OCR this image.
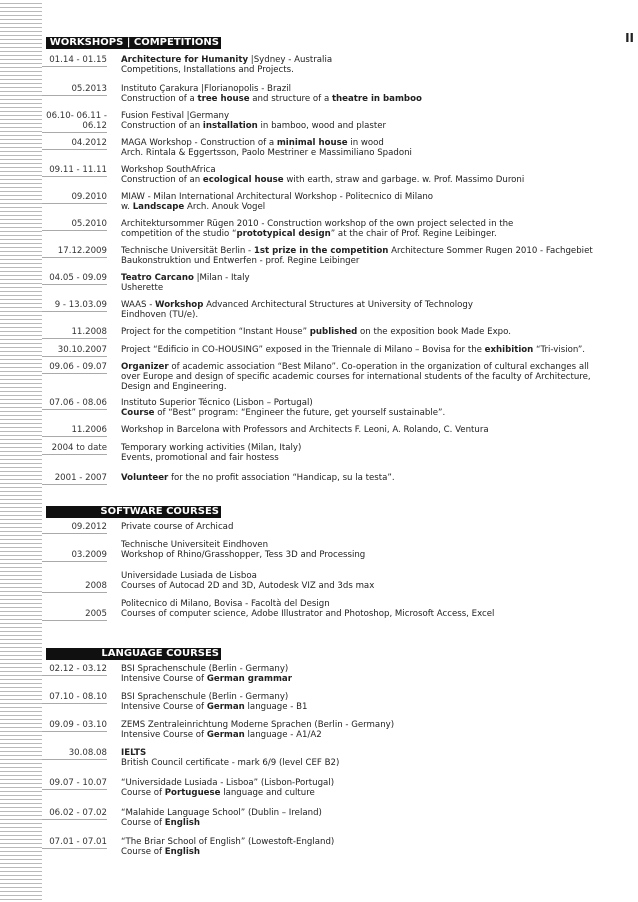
II
WORKSHOPS | COMPETITIONS
01.14 - 01.15 Architecture for Humanity |Sydney - Australia
Competitions, Installations and Projects.
05.2013 Instituto Çarakura |Florianopolis - Brazil
Construction of a tree house and structure of a theatre in bamboo
06.10- 06.11 -
06.12
Fusion Festival |Germany
Construction of an installation in bamboo, wood and plaster
04.2012 MAGA Workshop - Construction of a minimal house in wood
Arch. Rintala & Eggertsson, Paolo Mestriner e Massimiliano Spadoni
09.11 - 11.11 Workshop SouthAfrica
Construction of an ecological house with earth, straw and garbage. w. Prof. Massimo Duroni
09.2010 MIAW - Milan International Architectural Workshop - Politecnico di Milano
w. Landscape Arch. Anouk Vogel
05.2010 Architektursommer Rügen 2010 - Construction workshop of the own project selected in the
competition of the studio “prototypical design” at the chair of Prof. Regine Leibinger.
17.12.2009 Technische Universität Berlin - 1st prize in the competition Architecture Sommer Rugen 2010 - Fachgebiet
Baukonstruktion und Entwerfen - prof. Regine Leibinger
04.05 - 09.09 Teatro Carcano |Milan - Italy
Usherette
9 - 13.03.09 WAAS - Workshop Advanced Architectural Structures at University of Technology
Eindhoven (TU/e).
11.2008 Project for the competition “Instant House” published on the exposition book Made Expo.
30.10.2007 Project “Edificio in CO-HOUSING” exposed in the Triennale di Milano – Bovisa for the exhibition “Tri-vision”.
09.06 - 09.07 Organizer of academic association “Best Milano”. Co-operation in the organization of cultural exchanges all
over Europe and design of specific academic courses for international students of the faculty of Architecture,
Design and Engineering.
07.06 - 08.06 Instituto Superior Técnico (Lisbon – Portugal)
Course of “Best” program: “Engineer the future, get yourself sustainable”.
11.2006 Workshop in Barcelona with Professors and Architects F. Leoni, A. Rolando, C. Ventura
2004 to date Temporary working activities (Milan, Italy)
Events, promotional and fair hostess
2001 - 2007 Volunteer for the no profit association “Handicap, su la testa”.
SOFTWARE COURSES
09.2012 Private course of Archicad
03.2009
Technische Universiteit Eindhoven
Workshop of Rhino/Grasshopper, Tess 3D and Processing
2008
Universidade Lusiada de Lisboa
Courses of Autocad 2D and 3D, Autodesk VIZ and 3ds max
2005
Politecnico di Milano, Bovisa - Facoltà del Design
Courses of computer science, Adobe Illustrator and Photoshop, Microsoft Access, Excel
LANGUAGE COURSES
02.12 - 03.12 BSI Sprachenschule (Berlin - Germany)
Intensive Course of German grammar
07.10 - 08.10 BSI Sprachenschule (Berlin - Germany)
Intensive Course of German language - B1
09.09 - 03.10 ZEMS Zentraleinrichtung Moderne Sprachen (Berlin - Germany)
Intensive Course of German language - A1/A2
30.08.08 IELTS
British Council certificate - mark 6/9 (level CEF B2)
09.07 - 10.07 “Universidade Lusiada - Lisboa” (Lisbon-Portugal)
Course of Portuguese language and culture
06.02 - 07.02 “Malahide Language School” (Dublin – Ireland)
Course of English
07.01 - 07.01 “The Briar School of English” (Lowestoft-England)
Course of English
